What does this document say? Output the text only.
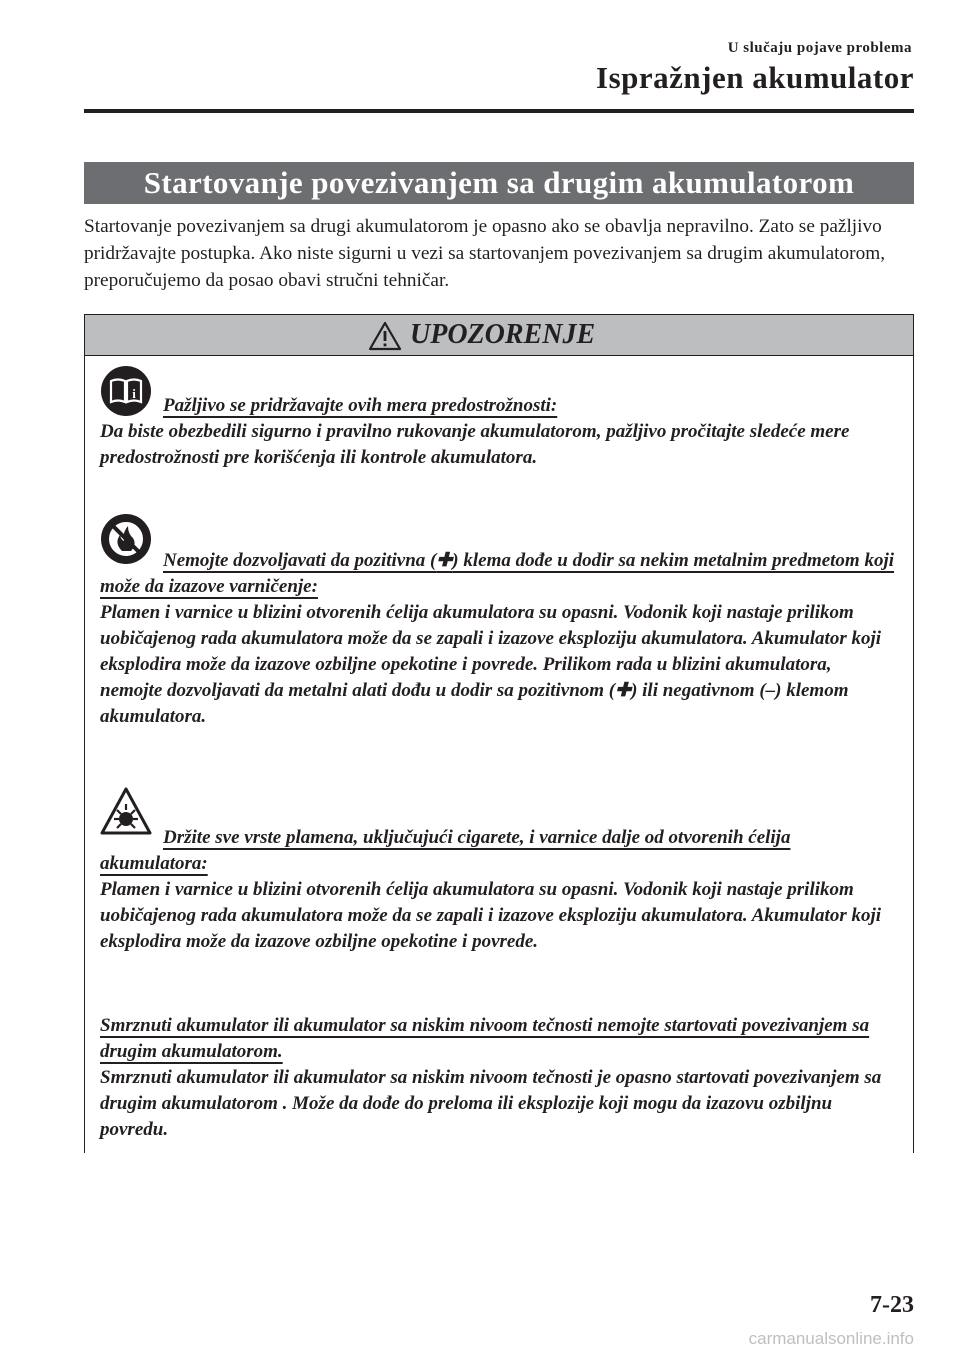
U slučaju pojave problema
Ispražnjen akumulator
Startovanje povezivanjem sa drugim akumulatorom
Startovanje povezivanjem sa drugi akumulatorom je opasno ako se obavlja nepravilno. Zato se pažljivo pridržavajte postupka. Ako niste sigurni u vezi sa startovanjem povezivanjem sa drugim akumulatorom, preporučujemo da posao obavi stručni tehničar.
UPOZORENJE
i
Pažljivo se pridržavajte ovih mera predostrožnosti:
Da biste obezbedili sigurno i pravilno rukovanje akumulatorom, pažljivo pročitajte sledeće mere predostrožnosti pre korišćenja ili kontrole akumulatora.
Nemojte dozvoljavati da pozitivna (✚) klema dođe u dodir sa nekim metalnim predmetom koji može da izazove varničenje:
Plamen i varnice u blizini otvorenih ćelija akumulatora su opasni. Vodonik koji nastaje prilikom uobičajenog rada akumulatora može da se zapali i izazove eksploziju akumulatora. Akumulator koji eksplodira može da izazove ozbiljne opekotine i povrede. Prilikom rada u blizini akumulatora, nemojte dozvoljavati da metalni alati dođu u dodir sa pozitivnom (✚) ili negativnom (–) klemom akumulatora.
Držite sve vrste plamena, uključujući cigarete, i varnice dalje od otvorenih ćelija akumulatora:
Plamen i varnice u blizini otvorenih ćelija akumulatora su opasni. Vodonik koji nastaje prilikom uobičajenog rada akumulatora može da se zapali i izazove eksploziju akumulatora. Akumulator koji eksplodira može da izazove ozbiljne opekotine i povrede.
Smrznuti akumulator ili akumulator sa niskim nivoom tečnosti nemojte startovati povezivanjem sa drugim akumulatorom.
Smrznuti akumulator ili akumulator sa niskim nivoom tečnosti je opasno startovati povezivanjem sa drugim akumulatorom . Može da dođe do preloma ili eksplozije koji mogu da izazovu ozbiljnu povredu.
7-23
carmanualsonline.info
